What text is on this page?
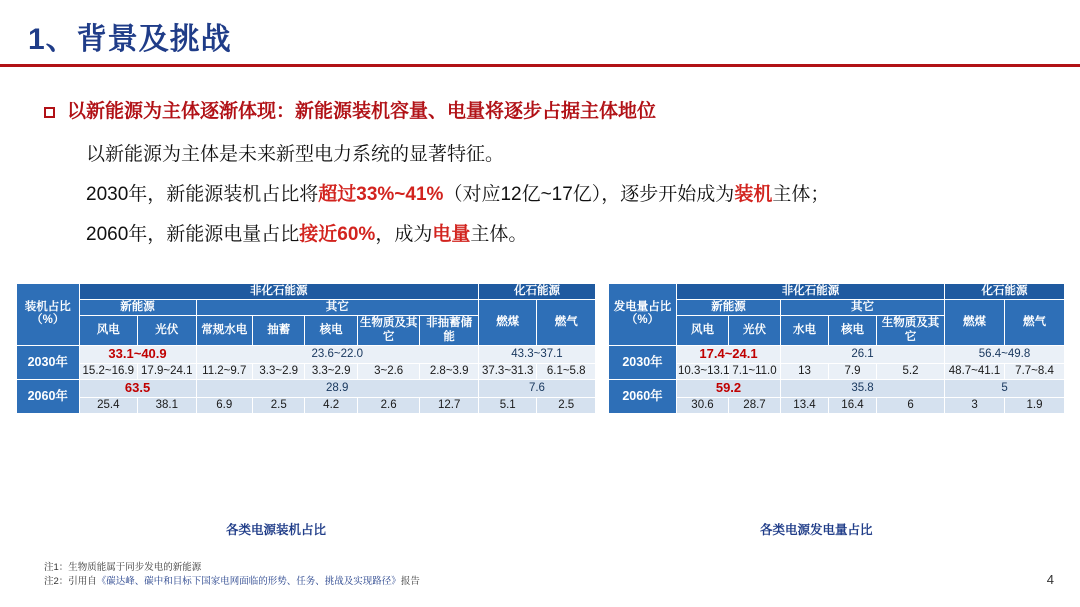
1、背景及挑战
以新能源为主体逐渐体现：新能源装机容量、电量将逐步占据主体地位
以新能源为主体是未来新型电力系统的显著特征。
2030年，新能源装机占比将超过33%~41%（对应12亿~17亿），逐步开始成为装机主体；
2060年，新能源电量占比接近60%，成为电量主体。
装机占比（%）	非化石能源							化石能源	
	新能源		其它					燃煤	燃气
	风电	光伏	常规水电	抽蓄	核电	生物质及其它	非抽蓄储能		
2030年	33.1~40.9		23.6~22.0					43.3~37.1	
	15.2~16.9	17.9~24.1	11.2~9.7	3.3~2.9	3.3~2.9	3~2.6	2.8~3.9	37.3~31.3	6.1~5.8
2060年	63.5		28.9					7.6	
	25.4	38.1	6.9	2.5	4.2	2.6	12.7	5.1	2.5
发电量占比（%）	非化石能源					化石能源	
	新能源		其它			燃煤	燃气
	风电	光伏	水电	核电	生物质及其它		
2030年	17.4~24.1		26.1			56.4~49.8	
	10.3~13.1	7.1~11.0	13	7.9	5.2	48.7~41.1	7.7~8.4
2060年	59.2		35.8			5	
	30.6	28.7	13.4	16.4	6	3	1.9
各类电源装机占比	各类电源发电量占比
注1：生物质能属于同步发电的新能源
注2：引用自《碳达峰、碳中和目标下国家电网面临的形势、任务、挑战及实现路径》报告	4
